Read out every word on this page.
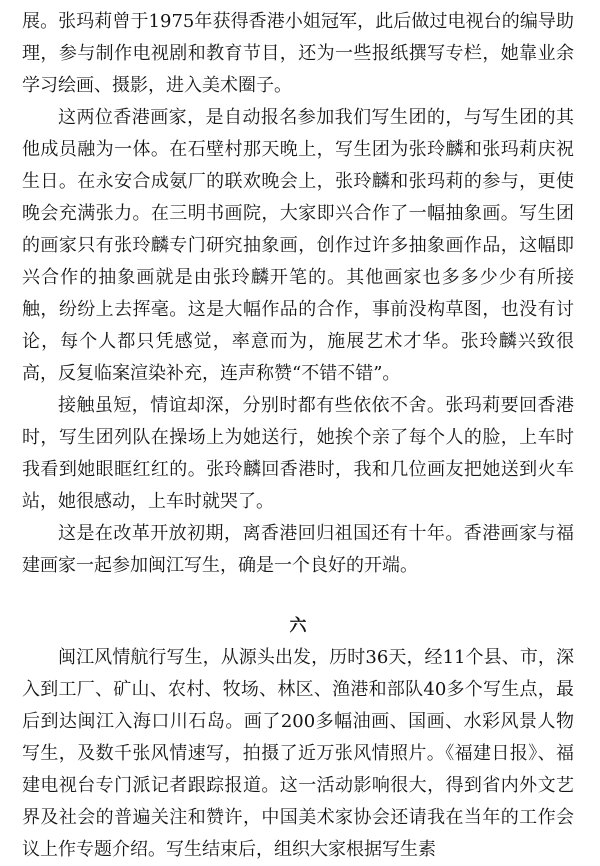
展。张玛莉曾于1975年获得香港小姐冠军，此后做过电视台的编导助理，参与制作电视剧和教育节目，还为一些报纸撰写专栏，她靠业余学习绘画、摄影，进入美术圈子。

这两位香港画家，是自动报名参加我们写生团的，与写生团的其他成员融为一体。在石壁村那天晚上，写生团为张玲麟和张玛莉庆祝生日。在永安合成氨厂的联欢晚会上，张玲麟和张玛莉的参与，更使晚会充满张力。在三明书画院，大家即兴合作了一幅抽象画。写生团的画家只有张玲麟专门研究抽象画，创作过许多抽象画作品，这幅即兴合作的抽象画就是由张玲麟开笔的。其他画家也多多少少有所接触，纷纷上去挥毫。这是大幅作品的合作，事前没构草图，也没有讨论，每个人都只凭感觉，率意而为，施展艺术才华。张玲麟兴致很高，反复临案渲染补充，连声称赞“不错不错”。

接触虽短，情谊却深，分别时都有些依依不舍。张玛莉要回香港时，写生团列队在操场上为她送行，她挨个亲了每个人的脸，上车时我看到她眼眶红红的。张玲麟回香港时，我和几位画友把她送到火车站，她很感动，上车时就哭了。

这是在改革开放初期，离香港回归祖国还有十年。香港画家与福建画家一起参加闽江写生，确是一个良好的开端。

六

闽江风情航行写生，从源头出发，历时36天，经11个县、市，深入到工厂、矿山、农村、牧场、林区、渔港和部队40多个写生点，最后到达闽江入海口川石岛。画了200多幅油画、国画、水彩风景人物写生，及数千张风情速写，拍摄了近万张风情照片。《福建日报》、福建电视台专门派记者跟踪报道。这一活动影响很大，得到省内外文艺界及社会的普遍关注和赞许，中国美术家协会还请我在当年的工作会议上作专题介绍。写生结束后，组织大家根据写生素
